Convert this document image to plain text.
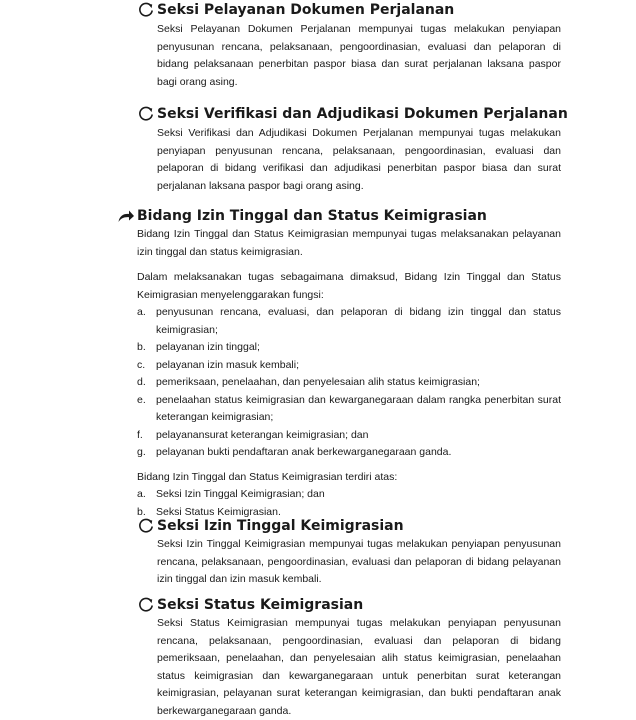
Seksi Pelayanan Dokumen Perjalanan

Seksi Pelayanan Dokumen Perjalanan mempunyai tugas melakukan penyiapan penyusunan rencana, pelaksanaan, pengoordinasian, evaluasi dan pelaporan di bidang pelaksanaan penerbitan paspor biasa dan surat perjalanan laksana paspor bagi orang asing.

Seksi Verifikasi dan Adjudikasi Dokumen Perjalanan

Seksi Verifikasi dan Adjudikasi Dokumen Perjalanan mempunyai tugas melakukan penyiapan penyusunan rencana, pelaksanaan, pengoordinasian, evaluasi dan pelaporan di bidang verifikasi dan adjudikasi penerbitan paspor biasa dan surat perjalanan laksana paspor bagi orang asing.

Bidang Izin Tinggal dan Status Keimigrasian

Bidang Izin Tinggal dan Status Keimigrasian mempunyai tugas melaksanakan pelayanan izin tinggal dan status keimigrasian.

Dalam melaksanakan tugas sebagaimana dimaksud, Bidang Izin Tinggal dan Status Keimigrasian menyelenggarakan fungsi:

a. penyusunan rencana, evaluasi, dan pelaporan di bidang izin tinggal dan status keimigrasian;
b. pelayanan izin tinggal;
c.	pelayanan izin masuk kembali;
d. pemeriksaan, penelaahan, dan penyelesaian alih status keimigrasian;
e. penelaahan status keimigrasian dan kewarganegaraan dalam rangka penerbitan surat keterangan keimigrasian;
f.	pelayanansurat keterangan keimigrasian; dan
g. pelayanan bukti pendaftaran anak berkewarganegaraan ganda.

Bidang Izin Tinggal dan Status Keimigrasian terdiri atas:

a. Seksi Izin Tinggal Keimigrasian; dan
b. Seksi Status Keimigrasian.
Seksi Izin Tinggal Keimigrasian

Seksi Izin Tinggal Keimigrasian mempunyai tugas melakukan penyiapan penyusunan rencana, pelaksanaan, pengoordinasian, evaluasi dan pelaporan di bidang pelayanan izin tinggal dan izin masuk kembali.

Seksi Status Keimigrasian

Seksi Status Keimigrasian mempunyai tugas melakukan penyiapan penyusunan rencana, pelaksanaan, pengoordinasian, evaluasi dan pelaporan di bidang pemeriksaan, penelaahan, dan penyelesaian alih status keimigrasian, penelaahan status keimigrasian dan kewarganegaraan untuk penerbitan surat keterangan keimigrasian, pelayanan surat keterangan keimigrasian, dan bukti pendaftaran anak berkewarganegaraan ganda.
